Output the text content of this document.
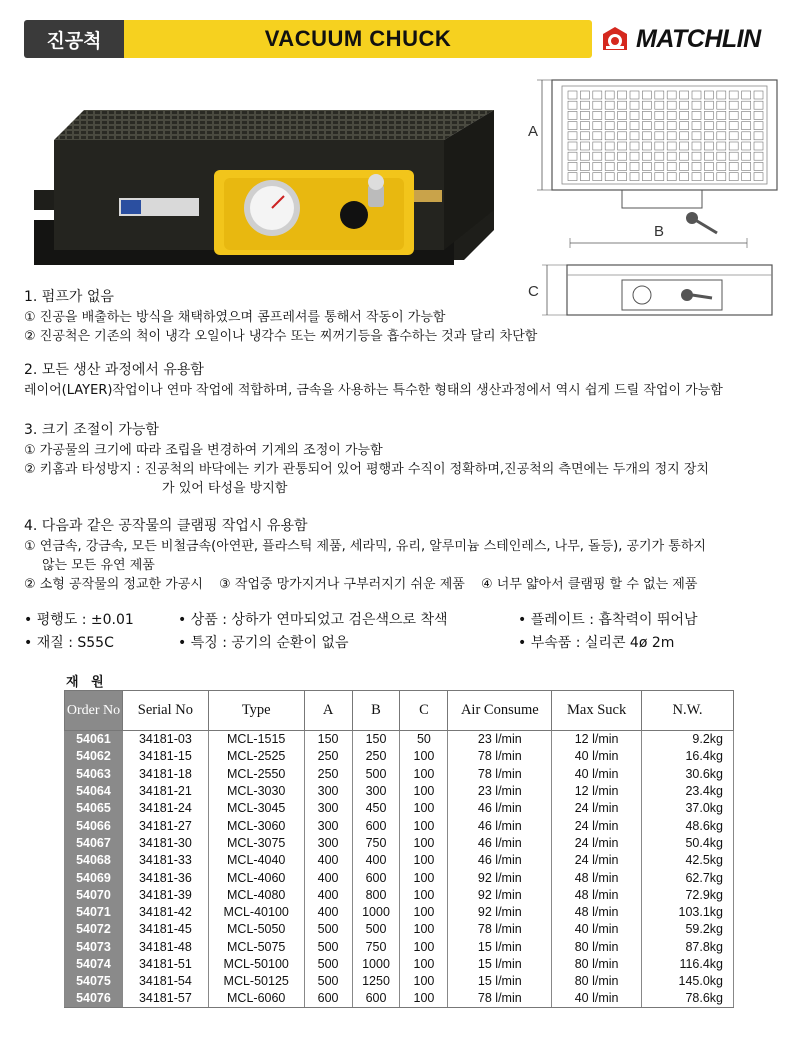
진공척	VACUUM CHUCK	MATCHLIN
A
B
C
1. 펌프가 없음
① 진공을 배출하는 방식을 채택하였으며 콤프레셔를 통해서 작동이 가능함
② 진공척은 기존의 척이 냉각 오일이나 냉각수 또는 찌꺼기등을 흡수하는 것과 달리 차단함
2. 모든 생산 과정에서 유용함
레이어(LAYER)작업이나 연마 작업에 적합하며, 금속을 사용하는 특수한 형태의 생산과정에서 역시 쉽게 드릴 작업이 가능함
3. 크기 조절이 가능함
① 가공물의 크기에 따라 조립을 변경하여 기계의 조정이 가능함
② 키홈과 타성방지 : 진공척의 바닥에는 키가 관통되어 있어 평행과 수직이 정확하며,진공척의 측면에는 두개의 정지 장치
가 있어 타성을 방지함
4. 다음과 같은 공작물의 클램핑 작업시 유용함
① 연금속, 강금속, 모든 비철금속(아연판, 플라스틱 제품, 세라믹, 유리, 알루미늄 스테인레스, 나무, 돌등), 공기가 통하지
않는 모든 유연 제품
② 소형 공작물의 정교한 가공시 ③ 작업중 망가지거나 구부러지기 쉬운 제품 ④ 너무 얇아서 클램핑 할 수 없는 제품
• 평행도 : ±0.01	• 상품 : 상하가 연마되었고 검은색으로 착색	• 플레이트 : 흡착력이 뛰어남
• 재질 : S55C	• 특징 : 공기의 순환이 없음	• 부속품 : 실리콘 4ø 2m
재 원
Order No	Serial No	Type	A	B	C	Air Consume	Max Suck	N.W.
54061	34181-03	MCL-1515	150	150	50	23 l/min	12 l/min	9.2kg
54062	34181-15	MCL-2525	250	250	100	78 l/min	40 l/min	16.4kg
54063	34181-18	MCL-2550	250	500	100	78 l/min	40 l/min	30.6kg
54064	34181-21	MCL-3030	300	300	100	23 l/min	12 l/min	23.4kg
54065	34181-24	MCL-3045	300	450	100	46 l/min	24 l/min	37.0kg
54066	34181-27	MCL-3060	300	600	100	46 l/min	24 l/min	48.6kg
54067	34181-30	MCL-3075	300	750	100	46 l/min	24 l/min	50.4kg
54068	34181-33	MCL-4040	400	400	100	46 l/min	24 l/min	42.5kg
54069	34181-36	MCL-4060	400	600	100	92 l/min	48 l/min	62.7kg
54070	34181-39	MCL-4080	400	800	100	92 l/min	48 l/min	72.9kg
54071	34181-42	MCL-40100	400	1000	100	92 l/min	48 l/min	103.1kg
54072	34181-45	MCL-5050	500	500	100	78 l/min	40 l/min	59.2kg
54073	34181-48	MCL-5075	500	750	100	15 l/min	80 l/min	87.8kg
54074	34181-51	MCL-50100	500	1000	100	15 l/min	80 l/min	116.4kg
54075	34181-54	MCL-50125	500	1250	100	15 l/min	80 l/min	145.0kg
54076	34181-57	MCL-6060	600	600	100	78 l/min	40 l/min	78.6kg
